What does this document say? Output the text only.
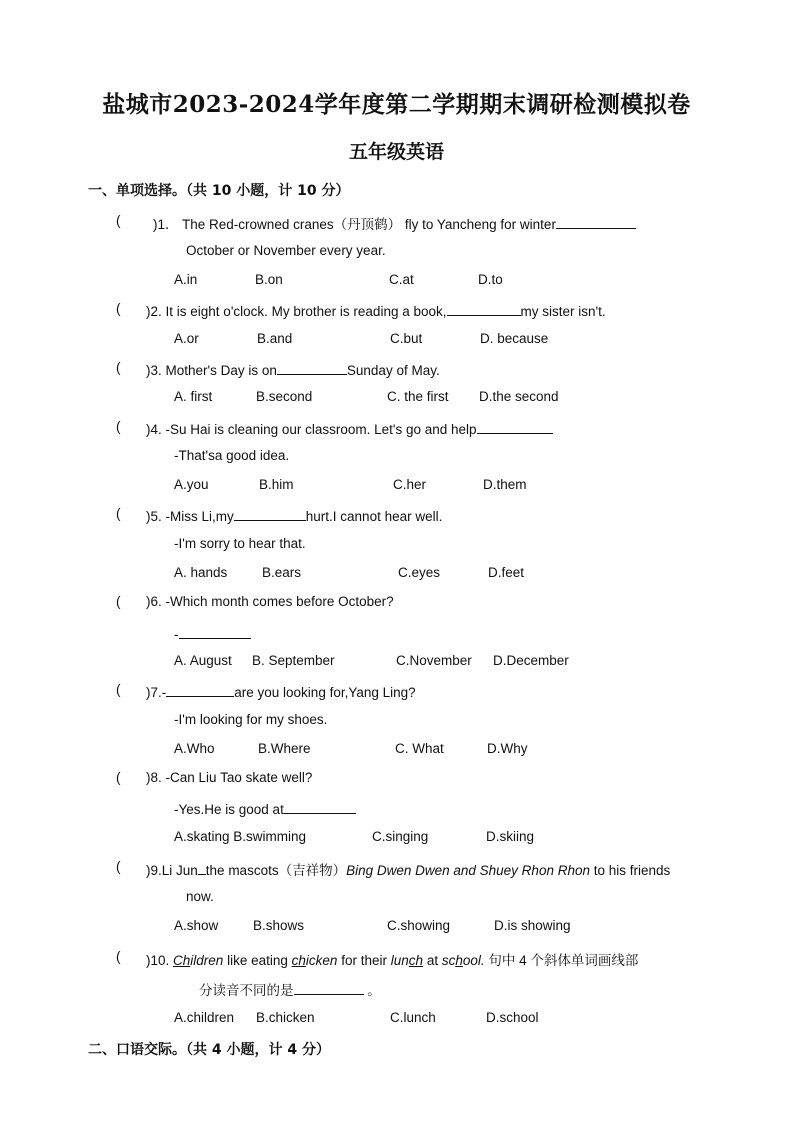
盐城市2023-2024学年度第二学期期末调研检测模拟卷
五年级英语
一、单项选择。（共 10 小题，计 10 分）
(	)1． The Red-crowned cranes（丹顶鹤） fly to Yancheng for winter
October or November every year.
A.in	B.on	C.at	D.to
(	)2. It is eight o'clock. My brother is reading a book,	my sister isn't.
A.or	B.and	C.but	D. because
(	)3. Mother's Day is on	Sunday of May.
A. first	B.second	C. the first D.the second
(	)4. -Su Hai is cleaning our classroom. Let's go and help
-That'sa good idea.
A.you	B.him	C.her	D.them
(	)5. -Miss Li,my	hurt.I cannot hear well.
-I'm sorry to hear that.
A. hands	B.ears	C.eyes	D.feet
(	)6. -Which month comes before October?
-
A. August B. September	C.November D.December
(	)7.-	are you looking for,Yang Ling?
-I'm looking for my shoes.
A.Who	B.Where	C. What	D.Why
(	)8. -Can Liu Tao skate well?
-Yes.He is good at
A.skating B.swimming	C.singing	D.skiing
(	)9.Li Jun the mascots（吉祥物）Bing Dwen Dwen and Shuey Rhon Rhon to his friends
now.
A.show	B.shows	C.showing	D.is showing
(	)10. Children like eating chicken for their lunch at school. 句中 4 个斜体单词画线部
分读音不同的是	。
A.children B.chicken	C.lunch	D.school
二、口语交际。（共 4 小题，计 4 分）
